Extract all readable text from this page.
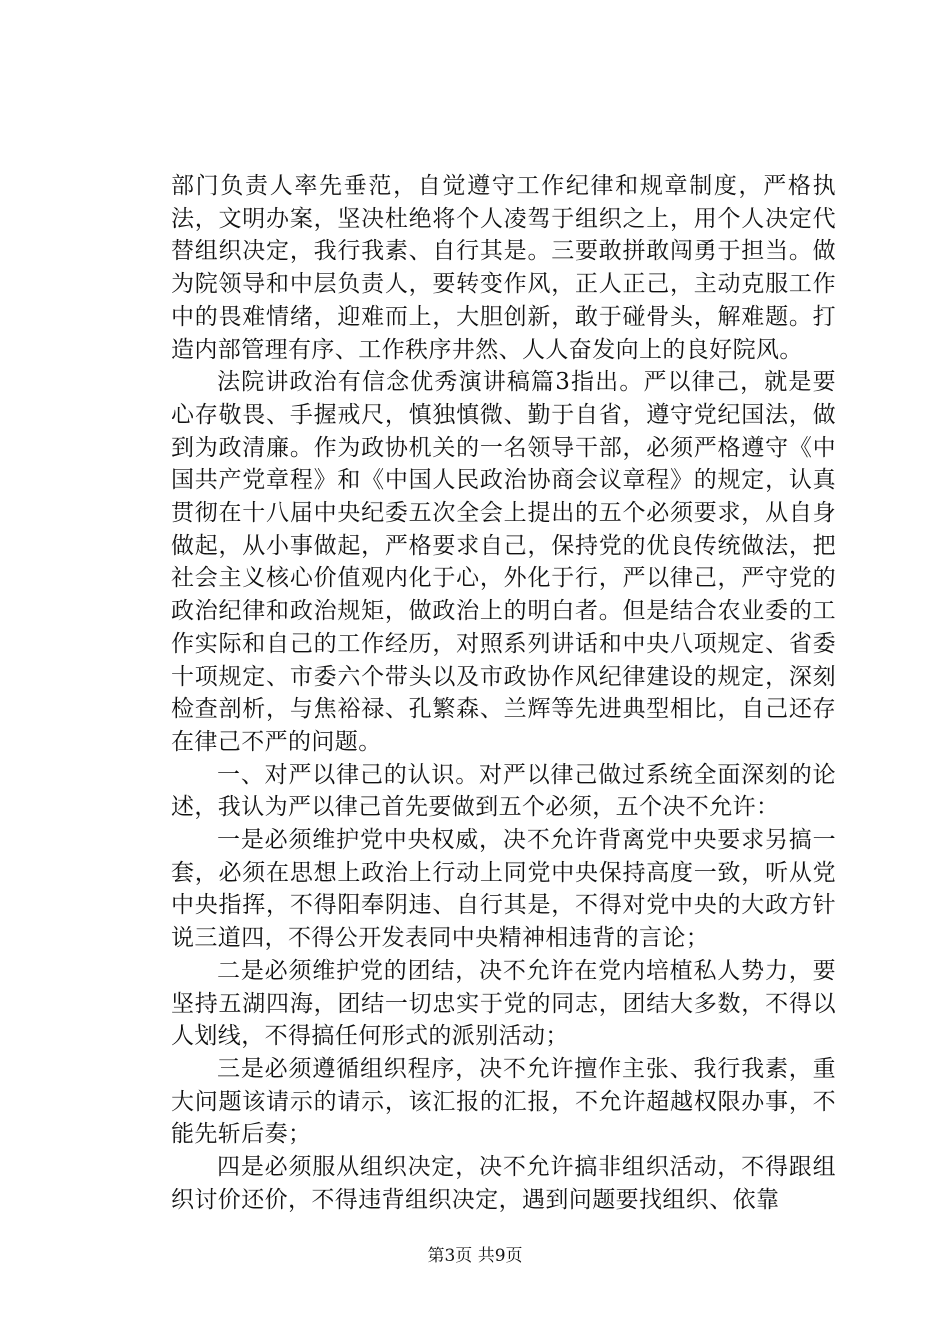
部门负责人率先垂范，自觉遵守工作纪律和规章制度，严格执法，文明办案，坚决杜绝将个人凌驾于组织之上，用个人决定代替组织决定，我行我素、自行其是。三要敢拼敢闯勇于担当。做为院领导和中层负责人，要转变作风，正人正己，主动克服工作中的畏难情绪，迎难而上，大胆创新，敢于碰骨头，解难题。打造内部管理有序、工作秩序井然、人人奋发向上的良好院风。

法院讲政治有信念优秀演讲稿篇3指出。严以律己，就是要心存敬畏、手握戒尺，慎独慎微、勤于自省，遵守党纪国法，做到为政清廉。作为政协机关的一名领导干部，必须严格遵守《中国共产党章程》和《中国人民政治协商会议章程》的规定，认真贯彻在十八届中央纪委五次全会上提出的五个必须要求，从自身做起，从小事做起，严格要求自己，保持党的优良传统做法，把社会主义核心价值观内化于心，外化于行，严以律己，严守党的政治纪律和政治规矩，做政治上的明白者。但是结合农业委的工作实际和自己的工作经历，对照系列讲话和中央八项规定、省委十项规定、市委六个带头以及市政协作风纪律建设的规定，深刻检查剖析，与焦裕禄、孔繁森、兰辉等先进典型相比，自己还存在律己不严的问题。

一、对严以律己的认识。对严以律己做过系统全面深刻的论述，我认为严以律己首先要做到五个必须，五个决不允许：

一是必须维护党中央权威，决不允许背离党中央要求另搞一套，必须在思想上政治上行动上同党中央保持高度一致，听从党中央指挥，不得阳奉阴违、自行其是，不得对党中央的大政方针说三道四，不得公开发表同中央精神相违背的言论；

二是必须维护党的团结，决不允许在党内培植私人势力，要坚持五湖四海，团结一切忠实于党的同志，团结大多数，不得以人划线，不得搞任何形式的派别活动；

三是必须遵循组织程序，决不允许擅作主张、我行我素，重大问题该请示的请示，该汇报的汇报，不允许超越权限办事，不能先斩后奏；

四是必须服从组织决定，决不允许搞非组织活动，不得跟组织讨价还价，不得违背组织决定，遇到问题要找组织、依靠

第3页 共9页
